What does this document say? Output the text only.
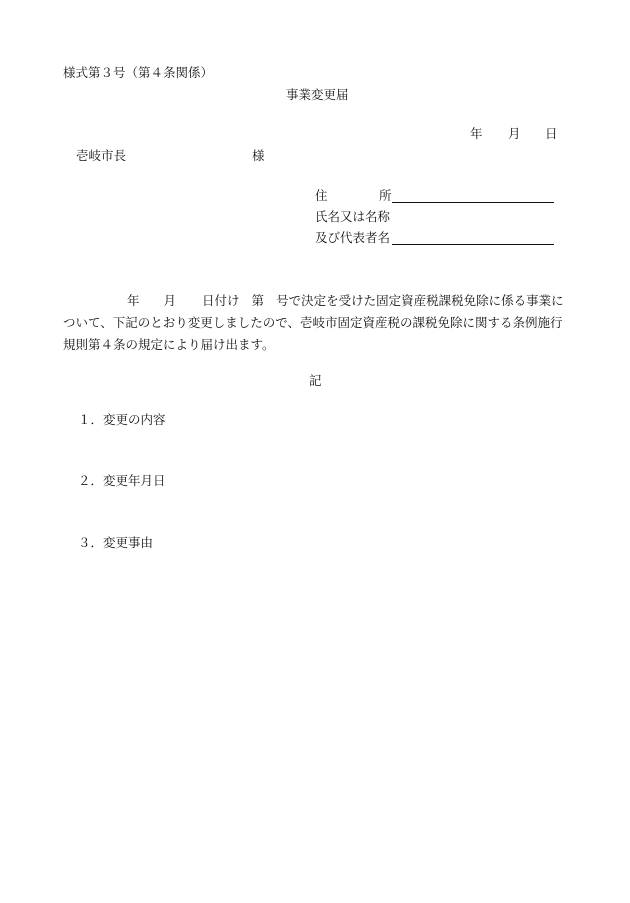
様式第３号（第４条関係）
事業変更届
年 月 日
壱岐市長	様
住	所
氏名又は名称
及び代表者名
年 月 日付け 第 号で決定を受けた固定資産税課税免除に係る事業に
ついて、下記のとおり変更しましたので、壱岐市固定資産税の課税免除に関する条例施行
規則第４条の規定により届け出ます。
記
１．変更の内容
２．変更年月日
３．変更事由
